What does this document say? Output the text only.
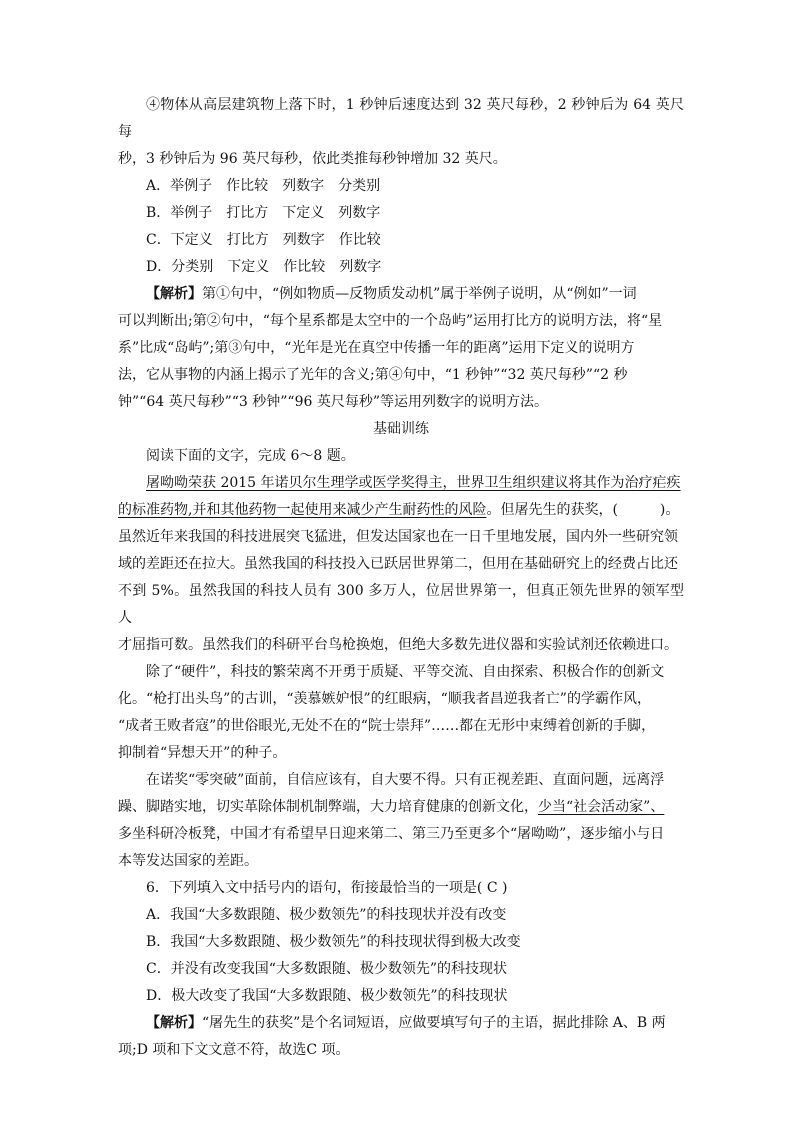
④物体从高层建筑物上落下时，1 秒钟后速度达到 32 英尺每秒，2 秒钟后为 64 英尺每

秒，3 秒钟后为 96 英尺每秒，依此类推每秒钟增加 32 英尺。

A．举例子　作比较　列数字　分类别

B．举例子　打比方　下定义　列数字

C．下定义　打比方　列数字　作比较

D．分类别　下定义　作比较　列数字

【解析】第①句中，“例如物质—反物质发动机”属于举例子说明，从“例如”一词

可以判断出;第②句中，“每个星系都是太空中的一个岛屿”运用打比方的说明方法，将“星

系”比成“岛屿”;第③句中，“光年是光在真空中传播一年的距离”运用下定义的说明方

法，它从事物的内涵上揭示了光年的含义;第④句中，“1 秒钟”“32 英尺每秒”“2 秒

钟”“64 英尺每秒”“3 秒钟”“96 英尺每秒”等运用列数字的说明方法。

基础训练

阅读下面的文字，完成 6～8 题。

屠呦呦荣获 2015 年诺贝尔生理学或医学奖得主，世界卫生组织建议将其作为治疗疟疾

的标准药物,并和其他药物一起使用来减少产生耐药性的风险。但屠先生的获奖，(　　　)。

虽然近年来我国的科技进展突飞猛进，但发达国家也在一日千里地发展，国内外一些研究领

域的差距还在拉大。虽然我国的科技投入已跃居世界第二，但用在基础研究上的经费占比还

不到 5%。虽然我国的科技人员有 300 多万人，位居世界第一，但真正领先世界的领军型人

才屈指可数。虽然我们的科研平台鸟枪换炮，但绝大多数先进仪器和实验试剂还依赖进口。

除了“硬件”，科技的繁荣离不开勇于质疑、平等交流、自由探索、积极合作的创新文

化。“枪打出头鸟”的古训，“羡慕嫉妒恨”的红眼病，“顺我者昌逆我者亡”的学霸作风，

“成者王败者寇”的世俗眼光,无处不在的“院士崇拜”……都在无形中束缚着创新的手脚，

抑制着“异想天开”的种子。

在诺奖“零突破”面前，自信应该有，自大要不得。只有正视差距、直面问题，远离浮

躁、脚踏实地，切实革除体制机制弊端，大力培育健康的创新文化，少当“社会活动家”、

多坐科研冷板凳，中国才有希望早日迎来第二、第三乃至更多个“屠呦呦”，逐步缩小与日

本等发达国家的差距。

6．下列填入文中括号内的语句，衔接最恰当的一项是( C )

A．我国“大多数跟随、极少数领先”的科技现状并没有改变

B．我国“大多数跟随、极少数领先”的科技现状得到极大改变

C．并没有改变我国“大多数跟随、极少数领先”的科技现状

D．极大改变了我国“大多数跟随、极少数领先”的科技现状

【解析】“屠先生的获奖”是个名词短语，应做要填写句子的主语，据此排除 A、B 两

项;D 项和下文文意不符，故选C 项。
